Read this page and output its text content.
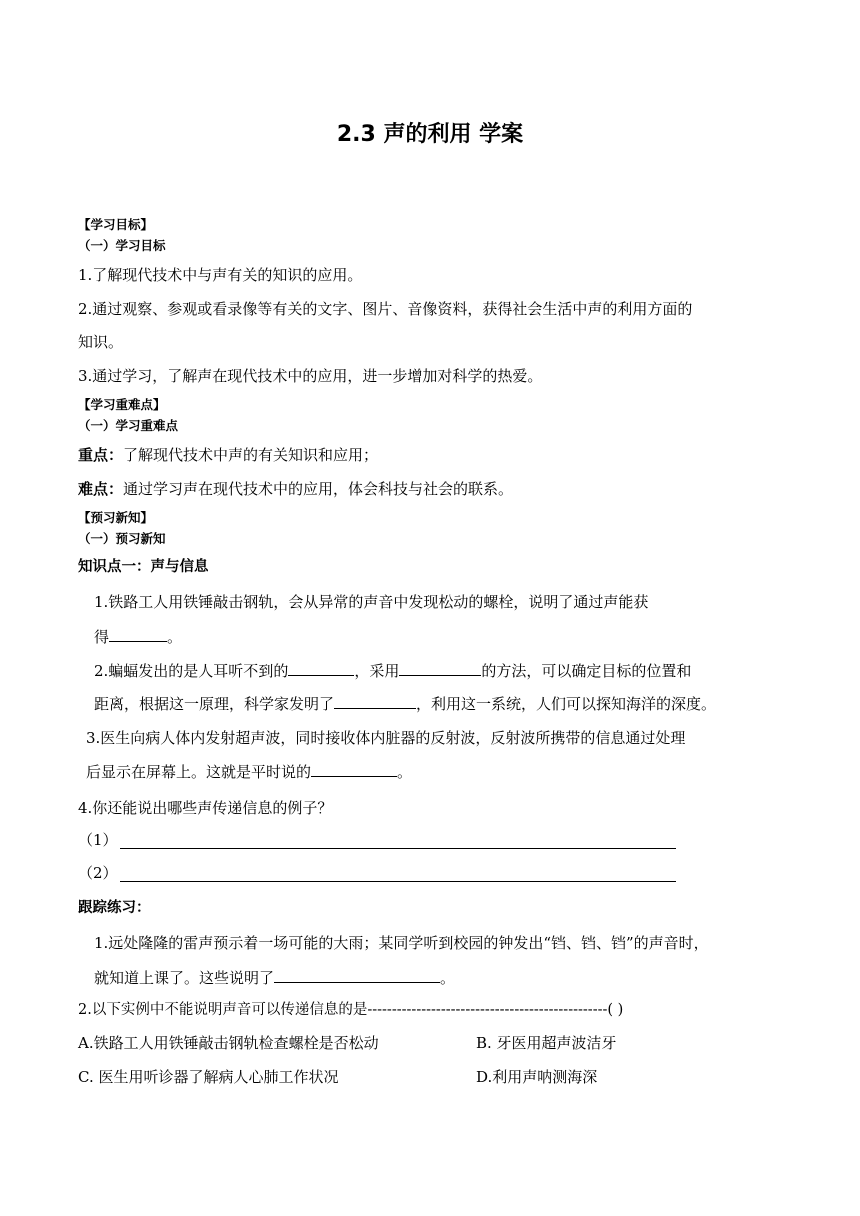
2.3 声的利用 学案
【学习目标】
（一）学习目标
1.了解现代技术中与声有关的知识的应用。
2.通过观察、参观或看录像等有关的文字、图片、音像资料，获得社会生活中声的利用方面的
知识。
3.通过学习，了解声在现代技术中的应用，进一步增加对科学的热爱。
【学习重难点】
（一）学习重难点
重点：了解现代技术中声的有关知识和应用；
难点：通过学习声在现代技术中的应用，体会科技与社会的联系。
【预习新知】
（一）预习新知
知识点一：声与信息
1.铁路工人用铁锤敲击钢轨，会从异常的声音中发现松动的螺栓，说明了通过声能获
得	。
2.蝙蝠发出的是人耳听不到的	，采用	的方法，可以确定目标的位置和
距离，根据这一原理，科学家发明了	，利用这一系统，人们可以探知海洋的深度。
3.医生向病人体内发射超声波，同时接收体内脏器的反射波，反射波所携带的信息通过处理
后显示在屏幕上。这就是平时说的	。
4.你还能说出哪些声传递信息的例子？
（1）
（2）
跟踪练习：
1.远处隆隆的雷声预示着一场可能的大雨；某同学听到校园的钟发出“铛、铛、铛”的声音时，
就知道上课了。这些说明了	。
2.以下实例中不能说明声音可以传递信息的是-------------------------------------------------( )
A.铁路工人用铁锤敲击钢轨检查螺栓是否松动	B. 牙医用超声波洁牙
C. 医生用听诊器了解病人心肺工作状况	D.利用声呐测海深
